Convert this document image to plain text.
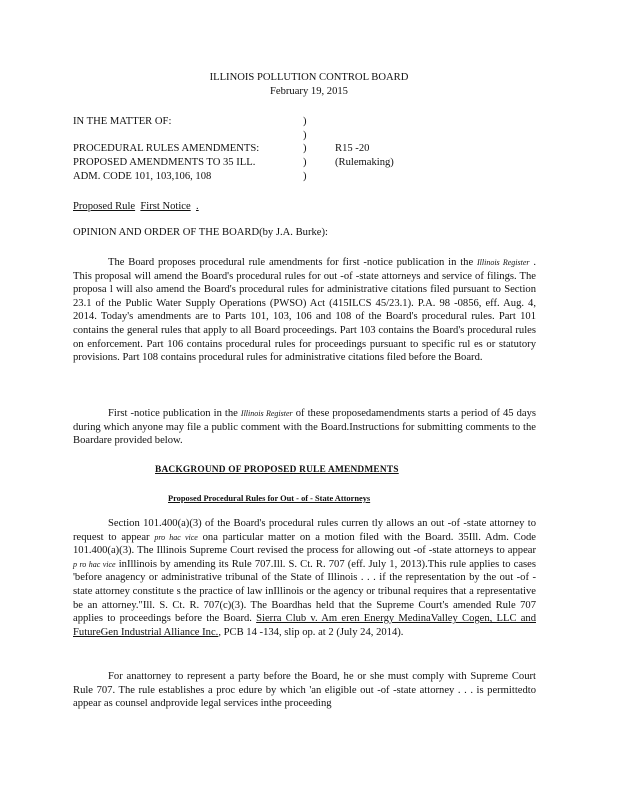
ILLINOIS POLLUTION CONTROL BOARD
February 19, 2015
IN THE MATTER OF:
PROCEDURAL RULES AMENDMENTS:
PROPOSED AMENDMENTS TO 35 ILL.
ADM. CODE 101, 103,106, 108
)
)
)
)
)
R15 -20
(Rulemaking)
Proposed Rule First Notice .
OPINION AND ORDER OF THE BOARD(by J.A. Burke):
The Board proposes procedural rule amendments for first -notice publication in the Illinois Register . This proposal will amend the Board's procedural rules for out -of -state attorneys and service of filings. The proposa l will also amend the Board's procedural rules for administrative citations filed pursuant to Section 23.1 of the Public Water Supply Operations (PWSO) Act (415ILCS 45/23.1). P.A. 98 -0856, eff. Aug. 4, 2014. Today's amendments are to Parts 101, 103, 106 and 108 of the Board's procedural rules. Part 101 contains the general rules that apply to all Board proceedings. Part 103 contains the Board's procedural rules on enforcement. Part 106 contains procedural rules for proceedings pursuant to specific rul es or statutory provisions. Part 108 contains procedural rules for administrative citations filed before the Board.
First -notice publication in the Illinois Register of these proposedamendments starts a period of 45 days during which anyone may file a public comment with the Board.Instructions for submitting comments to the Boardare provided below.
BACKGROUND OF PROPOSED RULE AMENDMENTS
Proposed Procedural Rules for Out - of - State Attorneys
Section 101.400(a)(3) of the Board's procedural rules curren tly allows an out -of -state attorney to request to appear pro hac vice ona particular matter on a motion filed with the Board. 35Ill. Adm. Code 101.400(a)(3). The Illinois Supreme Court revised the process for allowing out -of -state attorneys to appear p ro hac vice inIllinois by amending its Rule 707.Ill. S. Ct. R. 707 (eff. July 1, 2013).This rule applies to cases 'before anagency or administrative tribunal of the State of Illinois . . . if the representation by the out -of -state attorney constitute s the practice of law inIllinois or the agency or tribunal requires that a representative be an attorney."Ill. S. Ct. R. 707(c)(3). The Boardhas held that the Supreme Court's amended Rule 707 applies to proceedings before the Board. Sierra Club v. Am eren Energy MedinaValley Cogen, LLC and FutureGen Industrial Alliance Inc., PCB 14 -134, slip op. at 2 (July 24, 2014).
For anattorney to represent a party before the Board, he or she must comply with Supreme Court Rule 707. The rule establishes a proc edure by which 'an eligible out -of -state attorney . . . is permittedto appear as counsel andprovide legal services inthe proceeding
